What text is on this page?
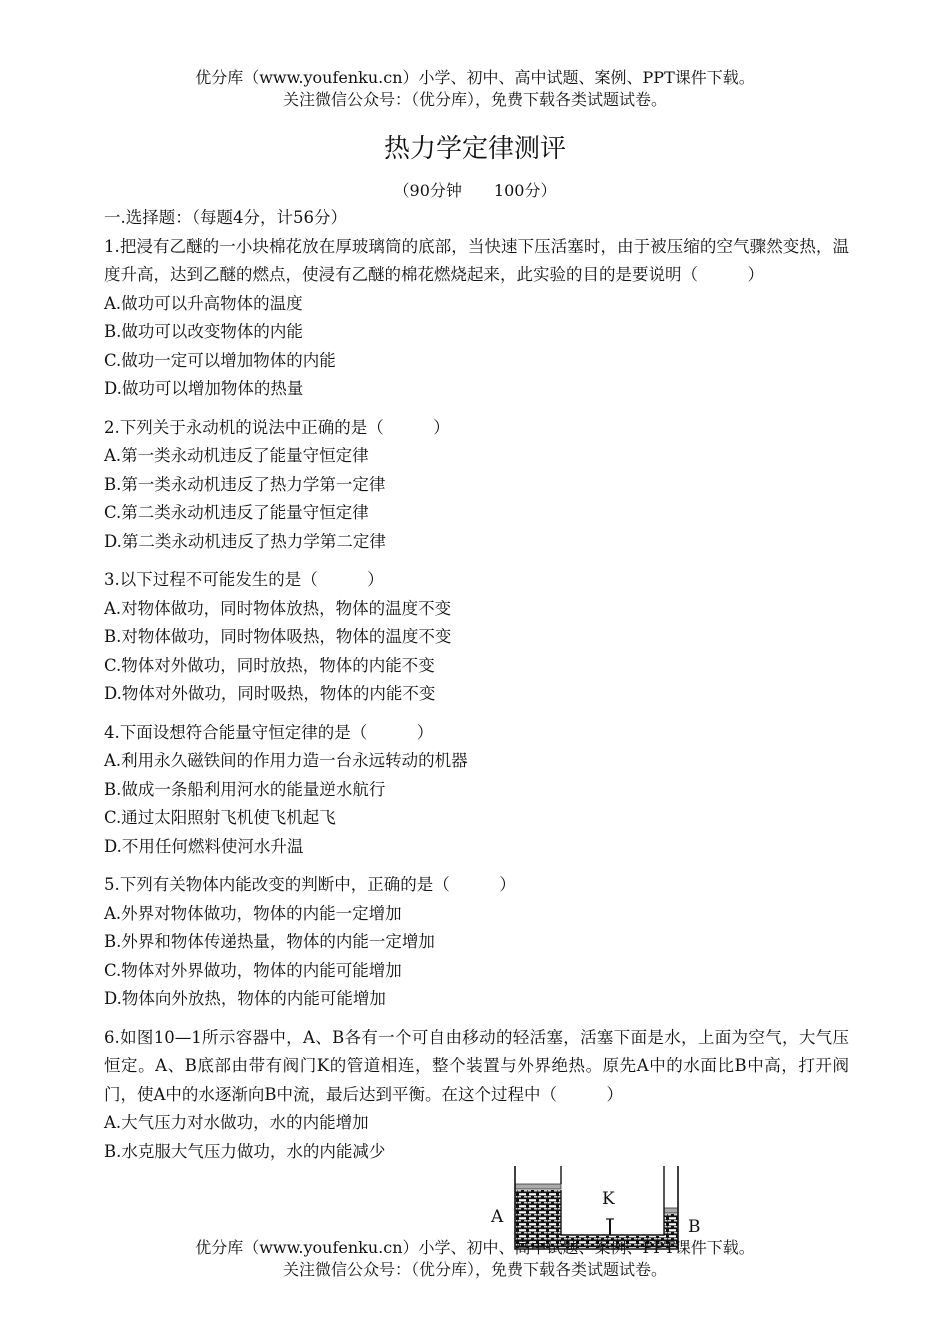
优分库（www.youfenku.cn）小学、初中、高中试题、案例、PPT课件下载。
关注微信公众号：（优分库），免费下载各类试题试卷。
热力学定律测评
（90分钟　　100分）
一.选择题：（每题4分，计56分）
1.把浸有乙醚的一小块棉花放在厚玻璃筒的底部，当快速下压活塞时，由于被压缩的空气骤然变热，温度升高，达到乙醚的燃点，使浸有乙醚的棉花燃烧起来，此实验的目的是要说明（　　　）
A.做功可以升高物体的温度
B.做功可以改变物体的内能
C.做功一定可以增加物体的内能
D.做功可以增加物体的热量
2.下列关于永动机的说法中正确的是（　　　）
A.第一类永动机违反了能量守恒定律
B.第一类永动机违反了热力学第一定律
C.第二类永动机违反了能量守恒定律
D.第二类永动机违反了热力学第二定律
3.以下过程不可能发生的是（　　　）
A.对物体做功，同时物体放热，物体的温度不变
B.对物体做功，同时物体吸热，物体的温度不变
C.物体对外做功，同时放热，物体的内能不变
D.物体对外做功，同时吸热，物体的内能不变
4.下面设想符合能量守恒定律的是（　　　）
A.利用永久磁铁间的作用力造一台永远转动的机器
B.做成一条船利用河水的能量逆水航行
C.通过太阳照射飞机使飞机起飞
D.不用任何燃料使河水升温
5.下列有关物体内能改变的判断中，正确的是（　　　）
A.外界对物体做功，物体的内能一定增加
B.外界和物体传递热量，物体的内能一定增加
C.物体对外界做功，物体的内能可能增加
D.物体向外放热，物体的内能可能增加
6.如图10—1所示容器中，A、B各有一个可自由移动的轻活塞，活塞下面是水，上面为空气，大气压恒定。A、B底部由带有阀门K的管道相连，整个装置与外界绝热。原先A中的水面比B中高，打开阀门，使A中的水逐渐向B中流，最后达到平衡。在这个过程中（　　　）
A.大气压力对水做功，水的内能增加
B.水克服大气压力做功，水的内能减少
K
A	B
优分库（www.youfenku.cn）小学、初中、高中试题、案例、PPT课件下载。
关注微信公众号：（优分库），免费下载各类试题试卷。
